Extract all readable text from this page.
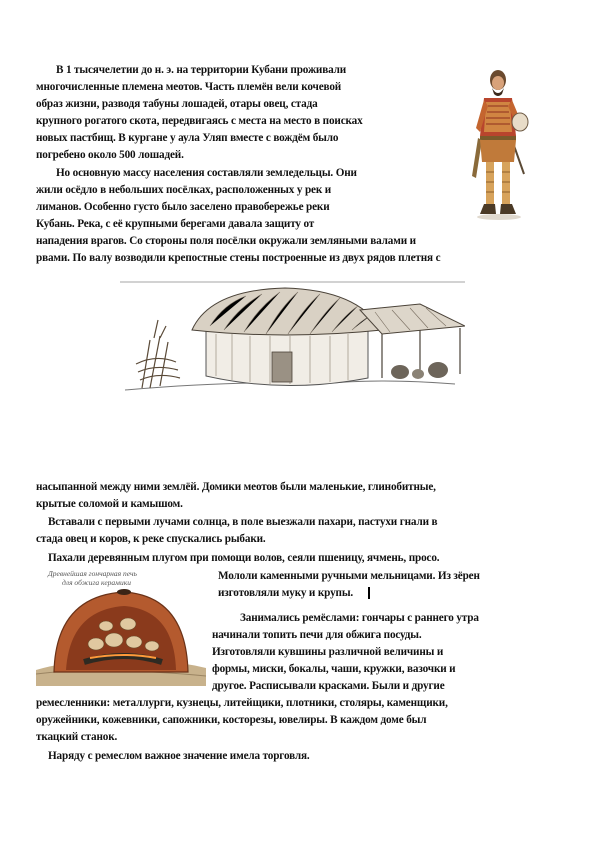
В 1 тысячелетии до н. э. на территории Кубани проживали
многочисленные племена меотов. Часть племён вели кочевой
образ жизни, разводя табуны лошадей, отары овец, стада
крупного рогатого скота, передвигаясь с места на место в поисках
новых пастбищ. В кургане у аула Уляп вместе с вождём было
погребено около 500 лошадей.
Но основную массу населения составляли земледельцы. Они
жили осёдло в небольших посёлках, расположенных у рек и
лиманов. Особенно густо было заселено правобережье реки
Кубань. Река, с её крупными берегами давала защиту от
нападения врагов. Со стороны поля посёлки окружали земляными валами и
рвами. По валу возводили крепостные стены построенные из двух рядов плетня с
насыпанной между ними землёй. Домики меотов были маленькие, глинобитные,
крытые соломой и камышом.
Вставали с первыми лучами солнца, в поле выезжали пахари, пастухи гнали в
стада овец и коров, к реке спускались рыбаки.
Пахали деревянным плугом при помощи волов, сеяли пшеницу, ячмень, просо.
Мололи каменными ручными мельницами. Из зёрен
изготовляли муку и крупы.
Древнейшая гончарная печь
для обжига керамики
Занимались ремёслами: гончары с раннего утра
начинали топить печи для обжига посуды.
Изготовляли кувшины различной величины и
формы, миски, бокалы, чаши, кружки, вазочки и
другое. Расписывали красками. Были и другие
ремесленники: металлурги, кузнецы, литейщики, плотники, столяры, каменщики,
оружейники, кожевники, сапожники, косторезы, ювелиры. В каждом доме был
ткацкий станок.
Наряду с ремеслом важное значение имела торговля.
